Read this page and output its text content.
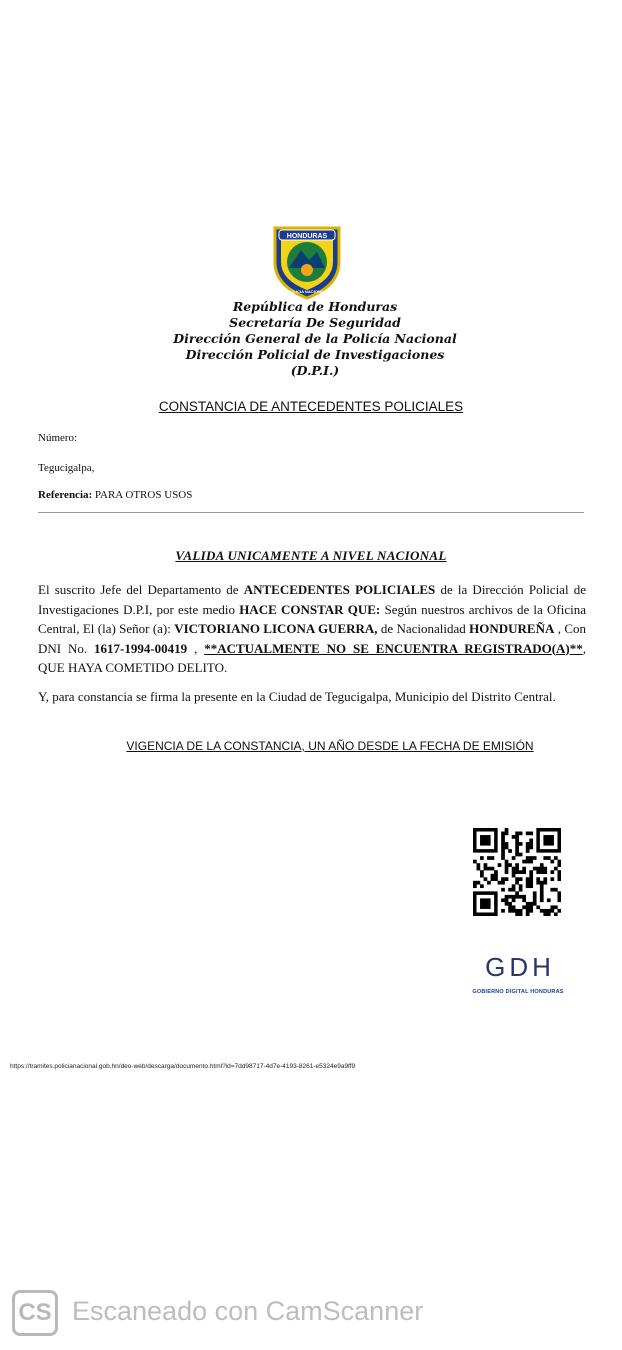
HONDURAS
POLICIA NACIONAL
República de Honduras
Secretaría De Seguridad
Dirección General de la Policía Nacional
Dirección Policial de Investigaciones
(D.P.I.)
CONSTANCIA DE ANTECEDENTES POLICIALES
Número:
Tegucigalpa,
Referencia: PARA OTROS USOS
VALIDA UNICAMENTE A NIVEL NACIONAL
El suscrito Jefe del Departamento de ANTECEDENTES POLICIALES de la Dirección Policial de Investigaciones D.P.I, por este medio HACE CONSTAR QUE: Según nuestros archivos de la Oficina Central, El (la) Señor (a): VICTORIANO LICONA GUERRA, de Nacionalidad HONDUREÑA , Con DNI No. 1617-1994-00419 , **ACTUALMENTE NO SE ENCUENTRA REGISTRADO(A)**, QUE HAYA COMETIDO DELITO.
Y, para constancia se firma la presente en la Ciudad de Tegucigalpa, Municipio del Distrito Central.
VIGENCIA DE LA CONSTANCIA, UN AÑO DESDE LA FECHA DE EMISIÓN
GDH
GOBIERNO DIGITAL HONDURAS
https://tramites.policianacional.gob.hn/deo-web/descarga/documento.html?id=7dd98717-4d7e-4193-8261-e5324e9a9ff9
CS Escaneado con CamScanner
